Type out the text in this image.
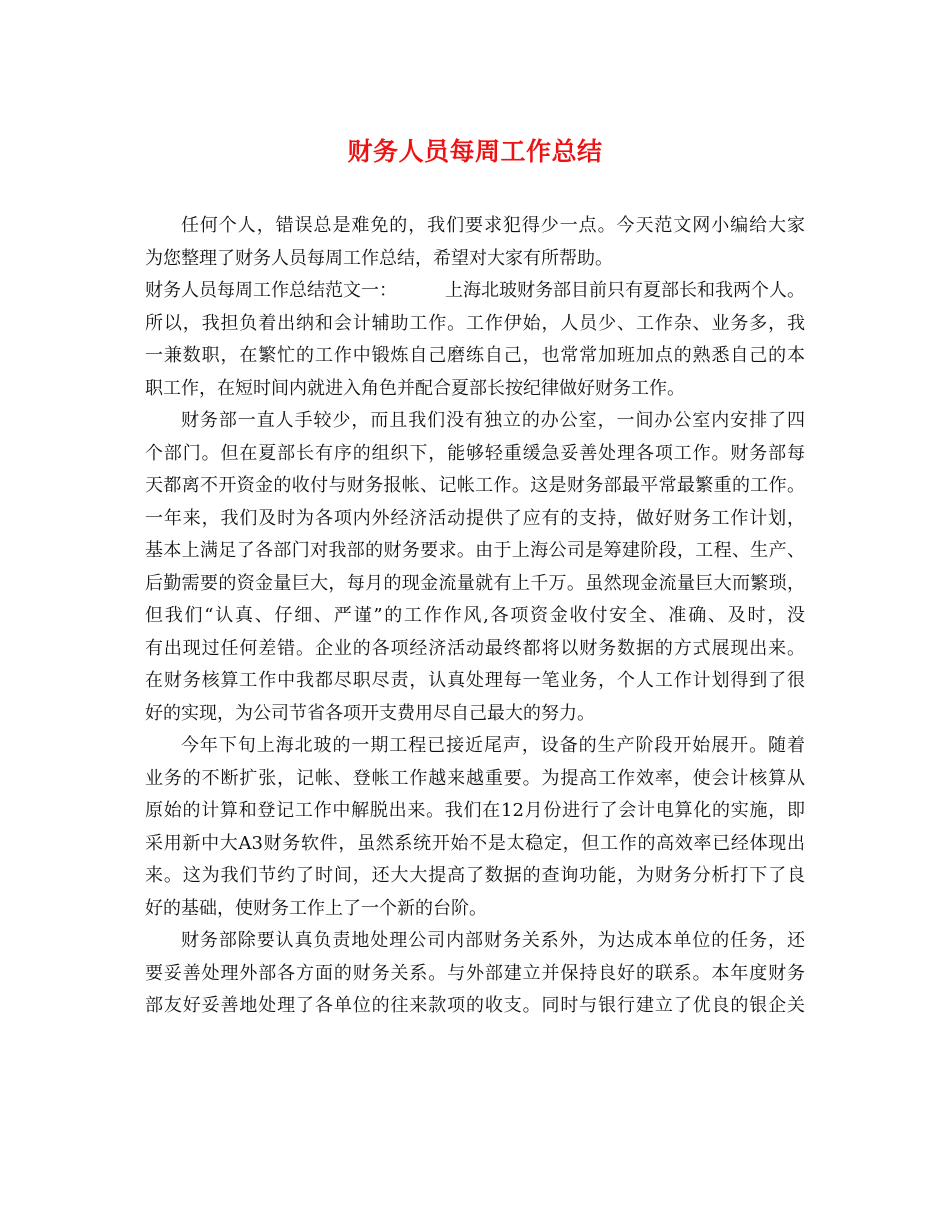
财务人员每周工作总结
任何个人，错误总是难免的，我们要求犯得少一点。今天范文网小编给大家
为您整理了财务人员每周工作总结，希望对大家有所帮助。
财务人员每周工作总结范文一：	上海北玻财务部目前只有夏部长和我两个人。
所以，我担负着出纳和会计辅助工作。工作伊始，人员少、工作杂、业务多，我
一兼数职，在繁忙的工作中锻炼自己磨练自己，也常常加班加点的熟悉自己的本
职工作，在短时间内就进入角色并配合夏部长按纪律做好财务工作。
财务部一直人手较少，而且我们没有独立的办公室，一间办公室内安排了四
个部门。但在夏部长有序的组织下，能够轻重缓急妥善处理各项工作。财务部每
天都离不开资金的收付与财务报帐、记帐工作。这是财务部最平常最繁重的工作。
一年来，我们及时为各项内外经济活动提供了应有的支持，做好财务工作计划，
基本上满足了各部门对我部的财务要求。由于上海公司是筹建阶段，工程、生产、
后勤需要的资金量巨大，每月的现金流量就有上千万。虽然现金流量巨大而繁琐，
但我们“认真、仔细、严谨”的工作作风,各项资金收付安全、准确、及时，没
有出现过任何差错。企业的各项经济活动最终都将以财务数据的方式展现出来。
在财务核算工作中我都尽职尽责，认真处理每一笔业务，个人工作计划得到了很
好的实现，为公司节省各项开支费用尽自己最大的努力。
今年下旬上海北玻的一期工程已接近尾声，设备的生产阶段开始展开。随着
业务的不断扩张，记帐、登帐工作越来越重要。为提高工作效率，使会计核算从
原始的计算和登记工作中解脱出来。我们在12月份进行了会计电算化的实施，即
采用新中大A3财务软件，虽然系统开始不是太稳定，但工作的高效率已经体现出
来。这为我们节约了时间，还大大提高了数据的查询功能，为财务分析打下了良
好的基础，使财务工作上了一个新的台阶。
财务部除要认真负责地处理公司内部财务关系外，为达成本单位的任务，还
要妥善处理外部各方面的财务关系。与外部建立并保持良好的联系。本年度财务
部友好妥善地处理了各单位的往来款项的收支。同时与银行建立了优良的银企关
